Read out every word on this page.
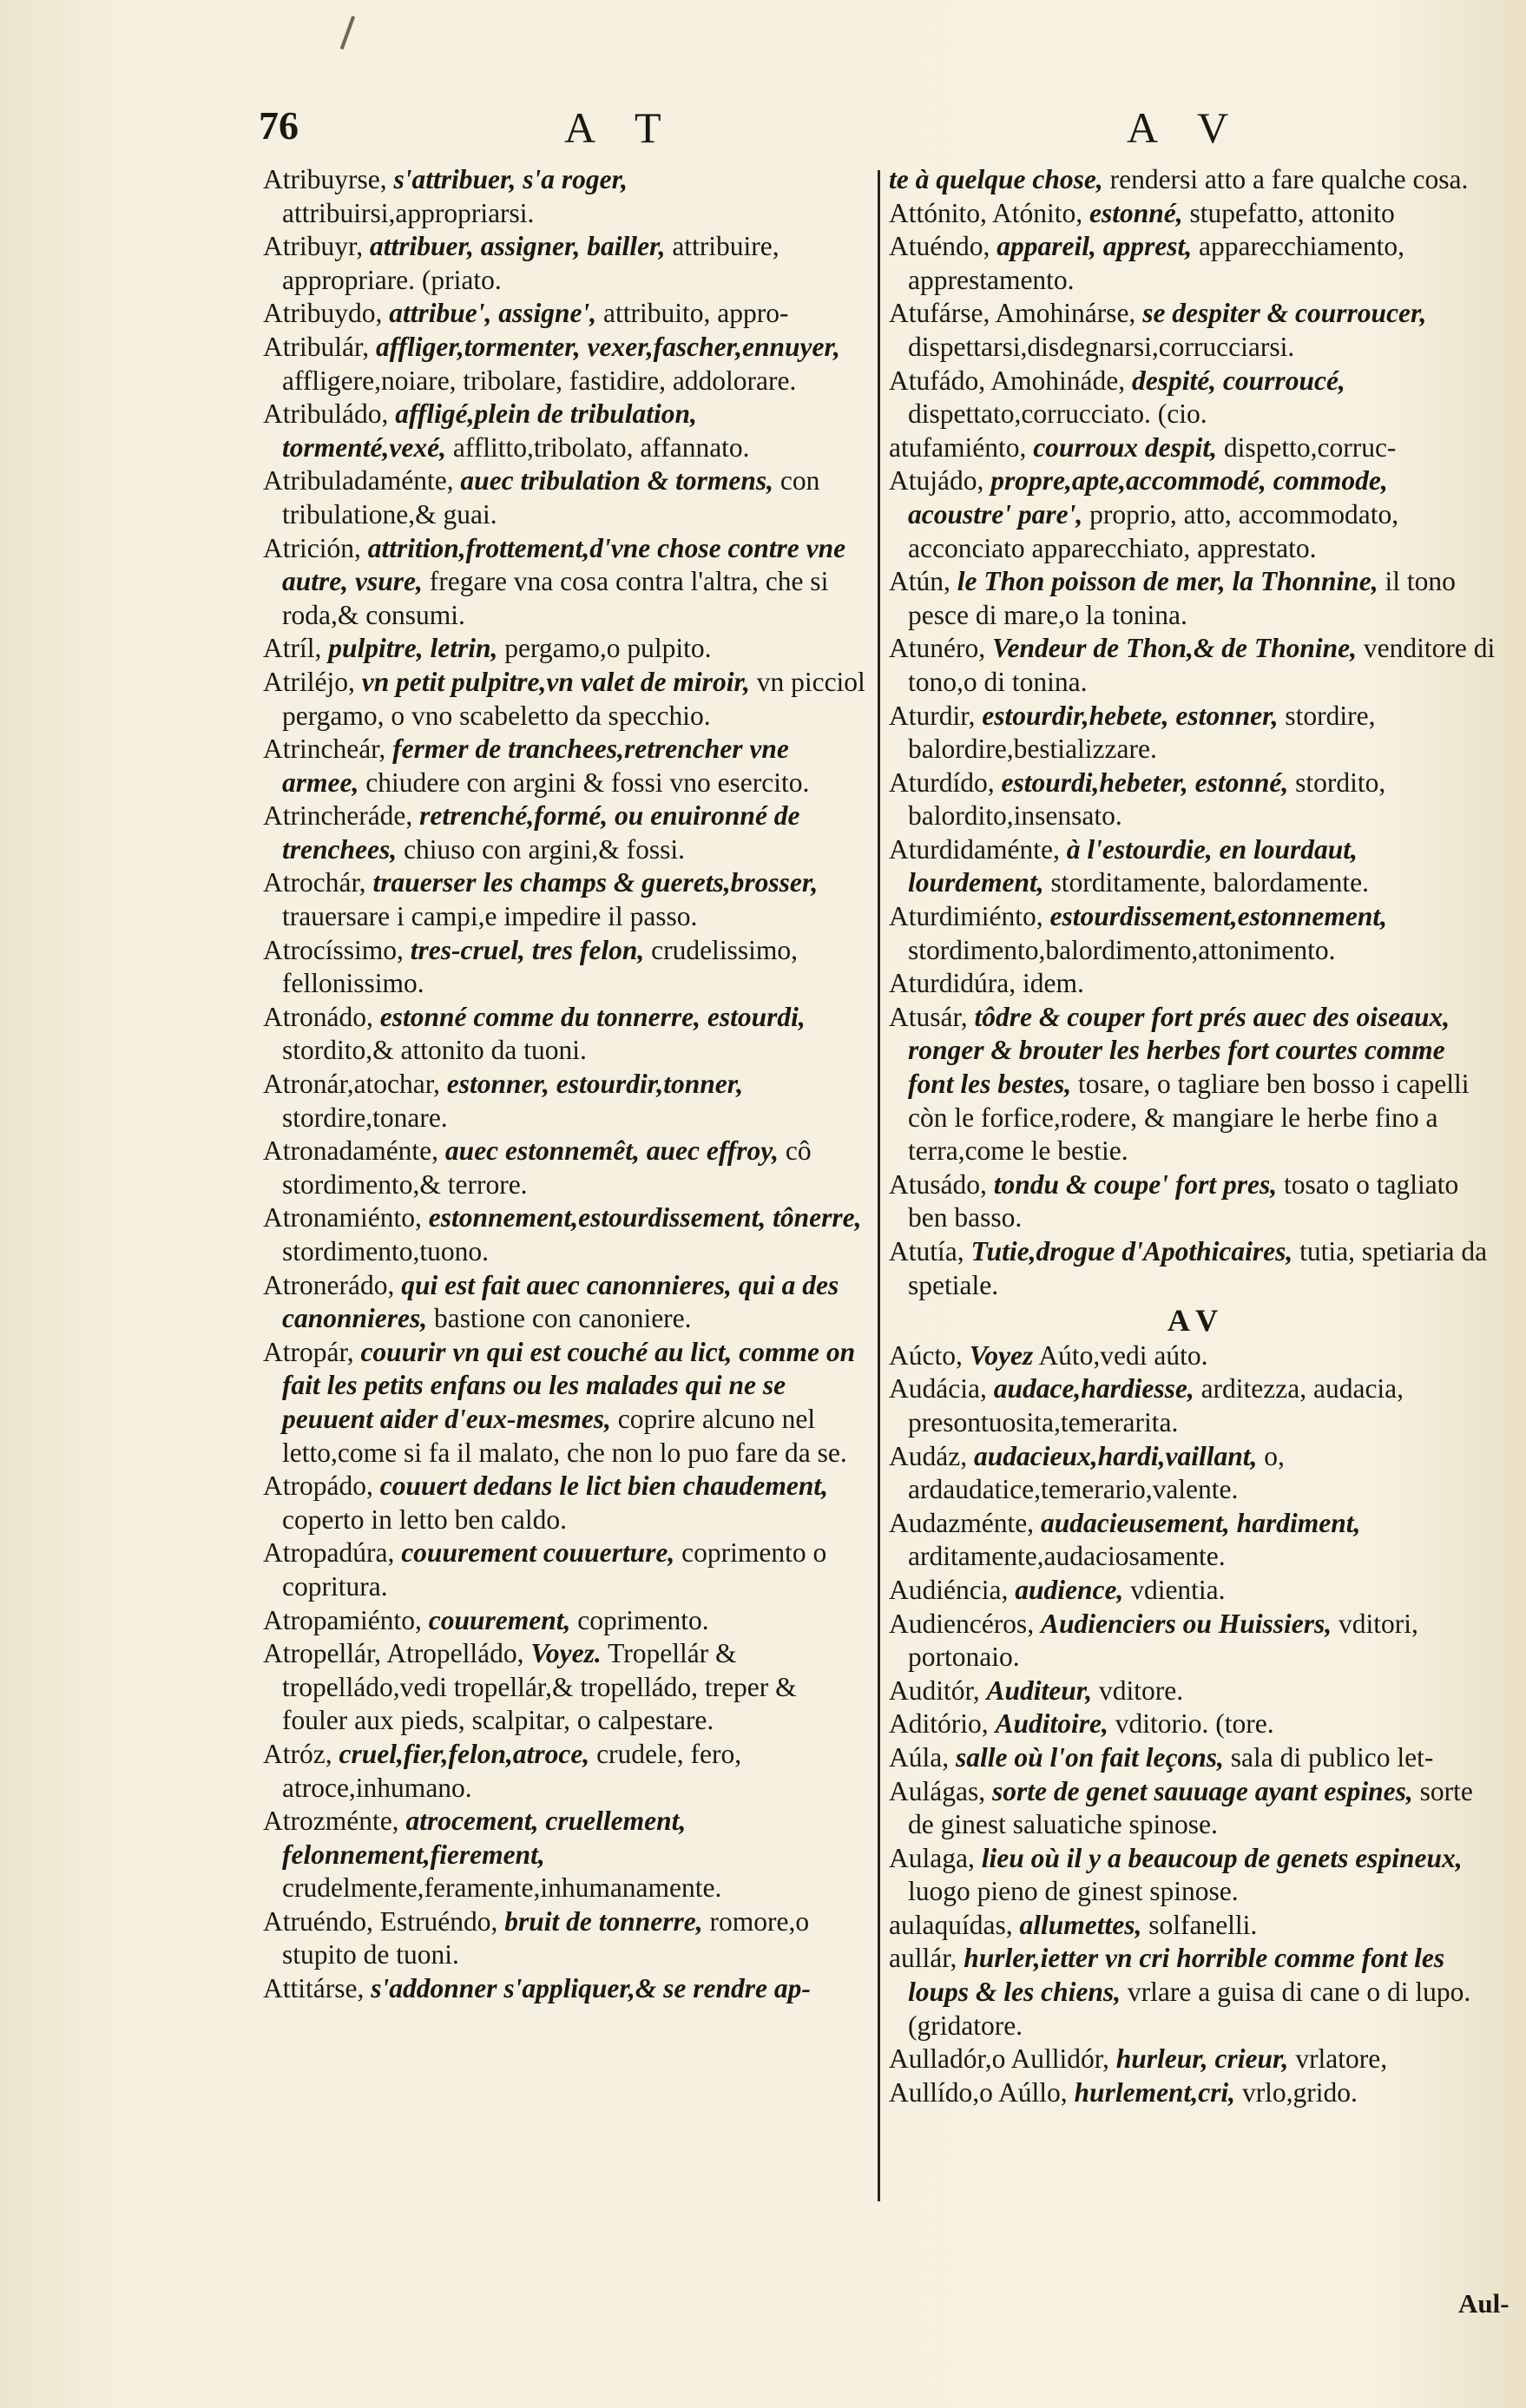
76	A T	A V

Atribuyrse, s'attribuer, s'a roger, attribuirsi,appropriarsi.

Atribuyr, attribuer, assigner, bailler, attribuire, appropriare. (priato.

Atribuydo, attribue', assigne', attribuito, appro-

Atribulár, affliger,tormenter, vexer,fascher,ennuyer, affligere,noiare, tribolare, fastidire, addolorare.

Atribuládo, affligé,plein de tribulation, tormenté,vexé, afflitto,tribolato, affannato.

Atribuladaménte, auec tribulation & tormens, con tribulatione,& guai.

Atrición, attrition,frottement,d'vne chose contre vne autre, vsure, fregare vna cosa contra l'altra, che si roda,& consumi.

Atríl, pulpitre, letrin, pergamo,o pulpito.

Atriléjo, vn petit pulpitre,vn valet de miroir, vn picciol pergamo, o vno scabeletto da specchio.

Atrincheár, fermer de tranchees,retrencher vne armee, chiudere con argini & fossi vno esercito.

Atrincheráde, retrenché,formé, ou enuironné de trenchees, chiuso con argini,& fossi.

Atrochár, trauerser les champs & guerets,brosser, trauersare i campi,e impedire il passo.

Atrocíssimo, tres-cruel, tres felon, crudelissimo, fellonissimo.

Atronádo, estonné comme du tonnerre, estourdi, stordito,& attonito da tuoni.

Atronár,atochar, estonner, estourdir,tonner, stordire,tonare.

Atronadaménte, auec estonnemêt, auec effroy, cô stordimento,& terrore.

Atronamiénto, estonnement,estourdissement, tônerre, stordimento,tuono.

Atronerádo, qui est fait auec canonnieres, qui a des canonnieres, bastione con canoniere.

Atropár, couurir vn qui est couché au lict, comme on fait les petits enfans ou les malades qui ne se peuuent aider d'eux-mesmes, coprire alcuno nel letto,come si fa il malato, che non lo puo fare da se.

Atropádo, couuert dedans le lict bien chaudement, coperto in letto ben caldo.

Atropadúra, couurement couuerture, coprimento o copritura.

Atropamiénto, couurement, coprimento.

Atropellár, Atropelládo, Voyez. Tropellár & tropelládo,vedi tropellár,& tropelládo, treper & fouler aux pieds, scalpitar, o calpestare.

Atróz, cruel,fier,felon,atroce, crudele, fero, atroce,inhumano.

Atrozménte, atrocement, cruellement, felonnement,fierement, crudelmente,feramente,inhumanamente.

Atruéndo, Estruéndo, bruit de tonnerre, romore,o stupito de tuoni.

Attitárse, s'addonner s'appliquer,& se rendre ap-

te à quelque chose, rendersi atto a fare qualche cosa.

Attónito, Atónito, estonné, stupefatto, attonito

Atuéndo, appareil, apprest, apparecchiamento, apprestamento.

Atufárse, Amohinárse, se despiter & courroucer, dispettarsi,disdegnarsi,corrucciarsi.

Atufádo, Amohináde, despité, courroucé, dispettato,corrucciato. (cio.

atufamiénto, courroux despit, dispetto,corruc-

Atujádo, propre,apte,accommodé, commode, acoustre' pare', proprio, atto, accommodato, acconciato apparecchiato, apprestato.

Atún, le Thon poisson de mer, la Thonnine, il tono pesce di mare,o la tonina.

Atunéro, Vendeur de Thon,& de Thonine, venditore di tono,o di tonina.

Aturdir, estourdir,hebete, estonner, stordire, balordire,bestializzare.

Aturdído, estourdi,hebeter, estonné, stordito, balordito,insensato.

Aturdidaménte, à l'estourdie, en lourdaut, lourdement, storditamente, balordamente.

Aturdimiénto, estourdissement,estonnement, stordimento,balordimento,attonimento.

Aturdidúra, idem.

Atusár, tôdre & couper fort prés auec des oiseaux, ronger & brouter les herbes fort courtes comme font les bestes, tosare, o tagliare ben bosso i capelli còn le forfice,rodere, & mangiare le herbe fino a terra,come le bestie.

Atusádo, tondu & coupe' fort pres, tosato o tagliato ben basso.

Atutía, Tutie,drogue d'Apothicaires, tutia, spetiaria da spetiale.

A V

Aúcto, Voyez Aúto,vedi aúto.

Audácia, audace,hardiesse, arditezza, audacia, presontuosita,temerarita.

Audáz, audacieux,hardi,vaillant, o, ardaudatice,temerario,valente.

Audazménte, audacieusement, hardiment, arditamente,audaciosamente.

Audiéncia, audience, vdientia.

Audiencéros, Audienciers ou Huissiers, vditori, portonaio.

Auditór, Auditeur, vditore.

Aditório, Auditoire, vditorio. (tore.

Aúla, salle où l'on fait leçons, sala di publico let-

Aulágas, sorte de genet sauuage ayant espines, sorte de ginest saluatiche spinose.

Aulaga, lieu où il y a beaucoup de genets espineux, luogo pieno de ginest spinose.

aulaquídas, allumettes, solfanelli.

aullár, hurler,ietter vn cri horrible comme font les loups & les chiens, vrlare a guisa di cane o di lupo. (gridatore.

Aulladór,o Aullidór, hurleur, crieur, vrlatore,

Aullído,o Aúllo, hurlement,cri, vrlo,grido.

Aul-
